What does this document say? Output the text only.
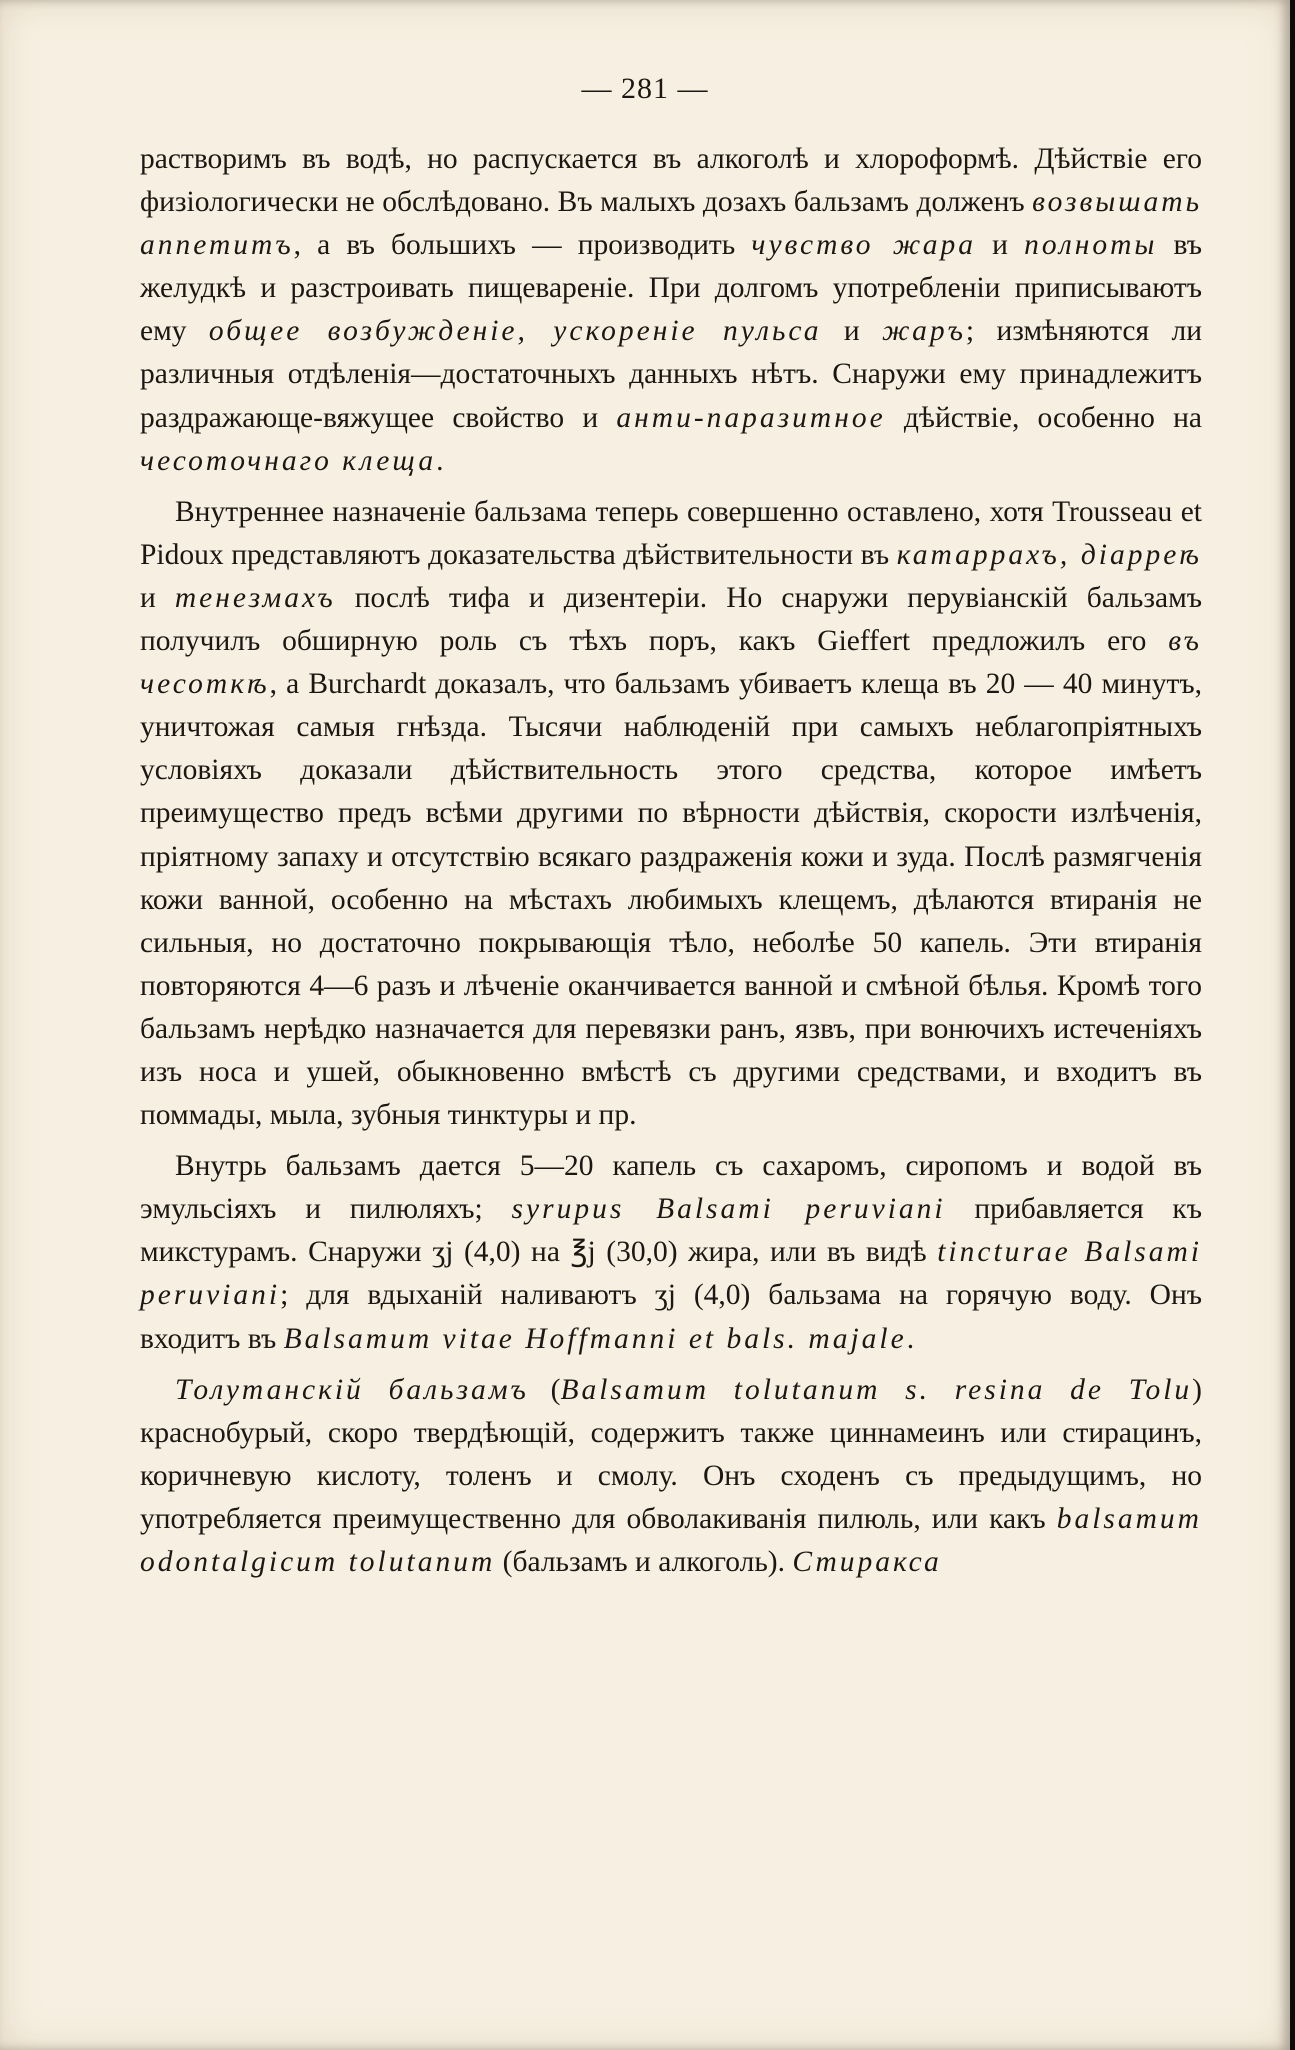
— 281 —

растворимъ въ водѣ, но распускается въ алкоголѣ и хлороформѣ. Дѣйствіе его физіологически не обслѣдовано. Въ малыхъ дозахъ бальзамъ долженъ возвышать аппетитъ, а въ большихъ — производить чувство жара и полноты въ желудкѣ и разстроивать пищевареніе. При долгомъ употребленіи приписываютъ ему общее возбужденіе, ускореніе пульса и жаръ; измѣняются ли различныя отдѣленія—достаточныхъ данныхъ нѣтъ. Снаружи ему принадлежитъ раздражающе-вяжущее свойство и анти-паразитное дѣйствіе, особенно на чесоточнаго клеща.

Внутреннее назначеніе бальзама теперь совершенно оставлено, хотя Trousseau et Pidoux представляютъ доказательства дѣйствительности въ катаррахъ, діарреѣ и тенезмахъ послѣ тифа и дизентеріи. Но снаружи перувіанскій бальзамъ получилъ обширную роль съ тѣхъ поръ, какъ Gieffert предложилъ его въ чесоткѣ, а Burchardt доказалъ, что бальзамъ убиваетъ клеща въ 20 — 40 минутъ, уничтожая самыя гнѣзда. Тысячи наблюденій при самыхъ неблагопріятныхъ условіяхъ доказали дѣйствительность этого средства, которое имѣетъ преимущество предъ всѣми другими по вѣрности дѣйствія, скорости излѣченія, пріятному запаху и отсутствію всякаго раздраженія кожи и зуда. Послѣ размягченія кожи ванной, особенно на мѣстахъ любимыхъ клещемъ, дѣлаются втиранія не сильныя, но достаточно покрывающія тѣло, неболѣе 50 капель. Эти втиранія повторяются 4—6 разъ и лѣченіе оканчивается ванной и смѣной бѣлья. Кромѣ того бальзамъ нерѣдко назначается для перевязки ранъ, язвъ, при вонючихъ истеченіяхъ изъ носа и ушей, обыкновенно вмѣстѣ съ другими средствами, и входитъ въ поммады, мыла, зубныя тинктуры и пр.

Внутрь бальзамъ дается 5—20 капель съ сахаромъ, сиропомъ и водой въ эмульсіяхъ и пилюляхъ; syrupus Balsami peruviani прибавляется къ микстурамъ. Снаружи ʒj (4,0) на ℥j (30,0) жира, или въ видѣ tincturae Balsami peruviani; для вдыханій наливаютъ ʒj (4,0) бальзама на горячую воду. Онъ входитъ въ Balsamum vitae Hoffmanni et bals. majale.

Толутанскій бальзамъ (Balsamum tolutanum s. resina de Tolu) краснобурый, скоро твердѣющій, содержитъ также циннамеинъ или стирацинъ, коричневую кислоту, толенъ и смолу. Онъ сходенъ съ предыдущимъ, но употребляется преимущественно для обволакиванія пилюль, или какъ balsamum odontalgicum tolutanum (бальзамъ и алкоголь). Стиракса
